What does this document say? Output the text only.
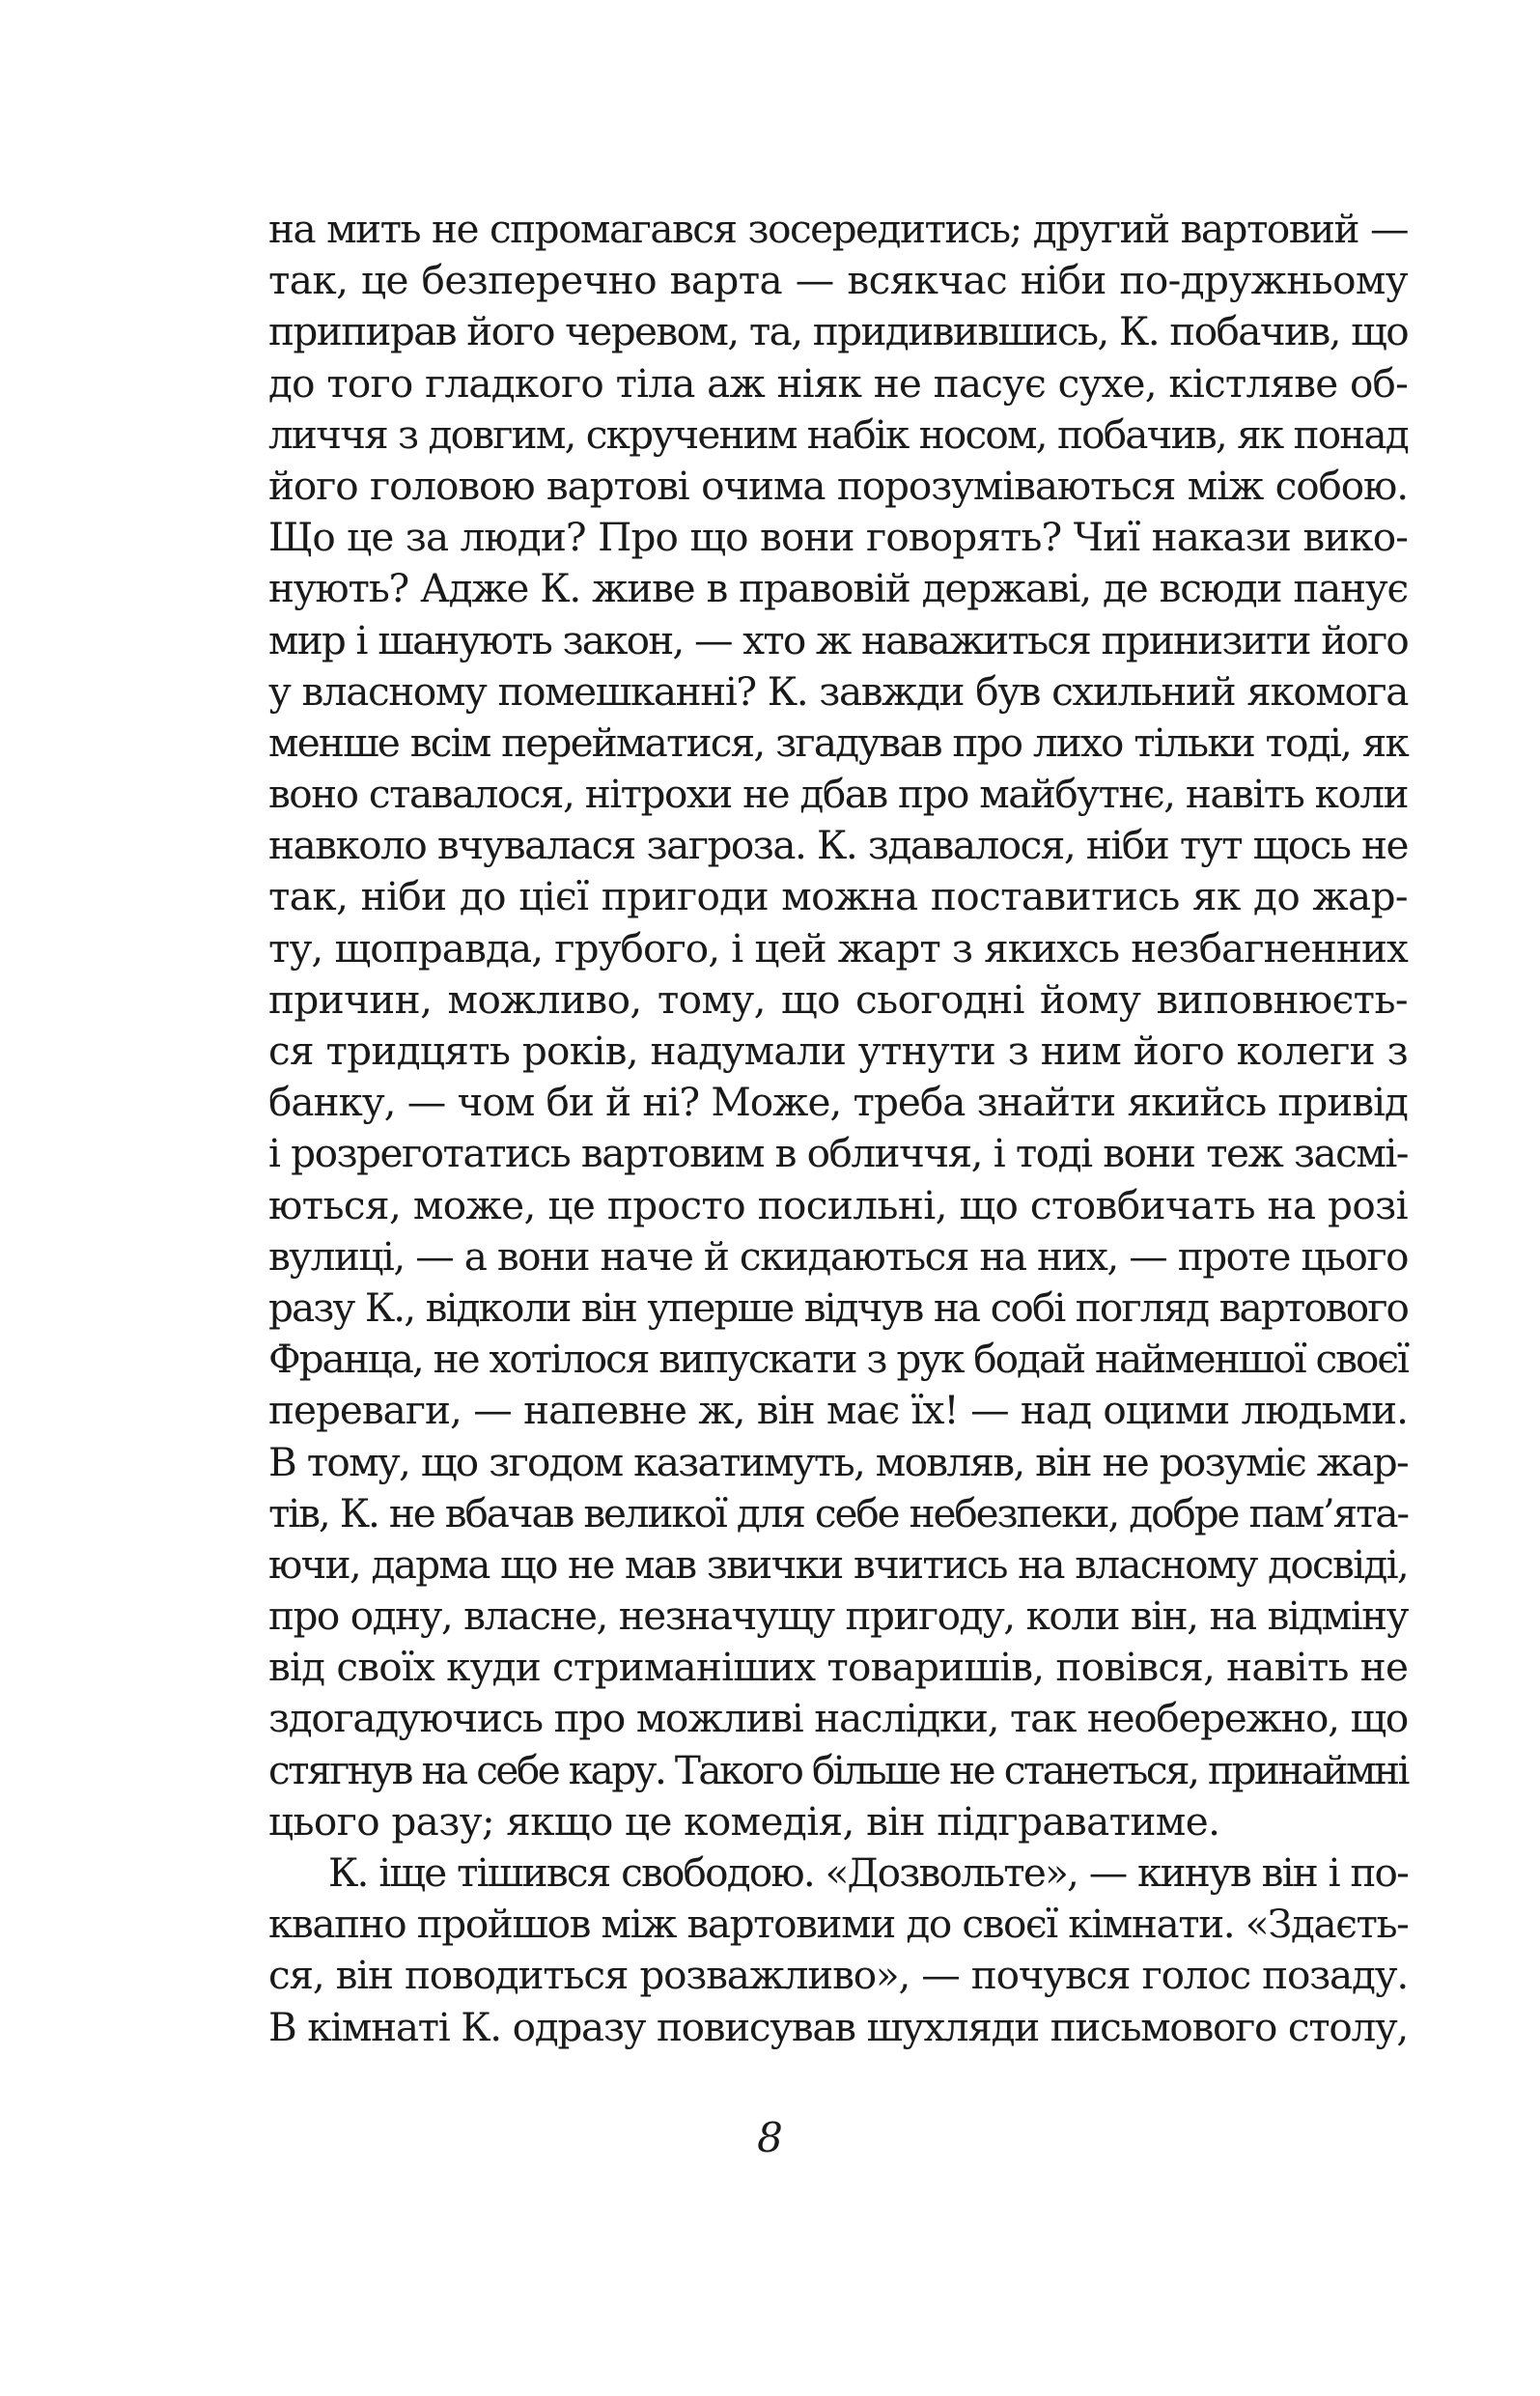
на мить не спромагався зосередитись; другий вартовий —
так, це безперечно варта — всякчас ніби по-дружньому
припирав його черевом, та, придивившись, К. побачив, що
до того гладкого тіла аж ніяк не пасує сухе, кістляве об-
личчя з довгим, скрученим набік носом, побачив, як понад
його головою вартові очима порозуміваються між собою.
Що це за люди? Про що вони говорять? Чиї накази вико-
нують? Адже К. живе в правовій державі, де всюди панує
мир і шанують закон, — хто ж наважиться принизити його
у власному помешканні? К. завжди був схильний якомога
менше всім перейматися, згадував про лихо тільки тоді, як
воно ставалося, нітрохи не дбав про майбутнє, навіть коли
навколо вчувалася загроза. К. здавалося, ніби тут щось не
так, ніби до цієї пригоди можна поставитись як до жар-
ту, щоправда, грубого, і цей жарт з якихсь незбагненних
причин, можливо, тому, що сьогодні йому виповнюєть-
ся тридцять років, надумали утнути з ним його колеги з
банку, — чом би й ні? Може, треба знайти якийсь привід
і розреготатись вартовим в обличчя, і тоді вони теж засмі-
ються, може, це просто посильні, що стовбичать на розі
вулиці, — а вони наче й скидаються на них, — проте цього
разу К., відколи він уперше відчув на собі погляд вартового
Франца, не хотілося випускати з рук бодай найменшої своєї
переваги, — напевне ж, він має їх! — над оцими людьми.
В тому, що згодом казатимуть, мовляв, він не розуміє жар-
тів, К. не вбачав великої для себе небезпеки, добре пам’ята-
ючи, дарма що не мав звички вчитись на власному досвіді,
про одну, власне, незначущу пригоду, коли він, на відміну
від своїх куди стриманіших товаришів, повівся, навіть не
здогадуючись про можливі наслідки, так необережно, що
стягнув на себе кару. Такого більше не станеться, принаймні
цього разу; якщо це комедія, він підграватиме.
К. іще тішився свободою. «Дозвольте», — кинув він і по-
квапно пройшов між вартовими до своєї кімнати. «Здаєть-
ся, він поводиться розважливо», — почувся голос позаду.
В кімнаті К. одразу повисував шухляди письмового столу,
8
